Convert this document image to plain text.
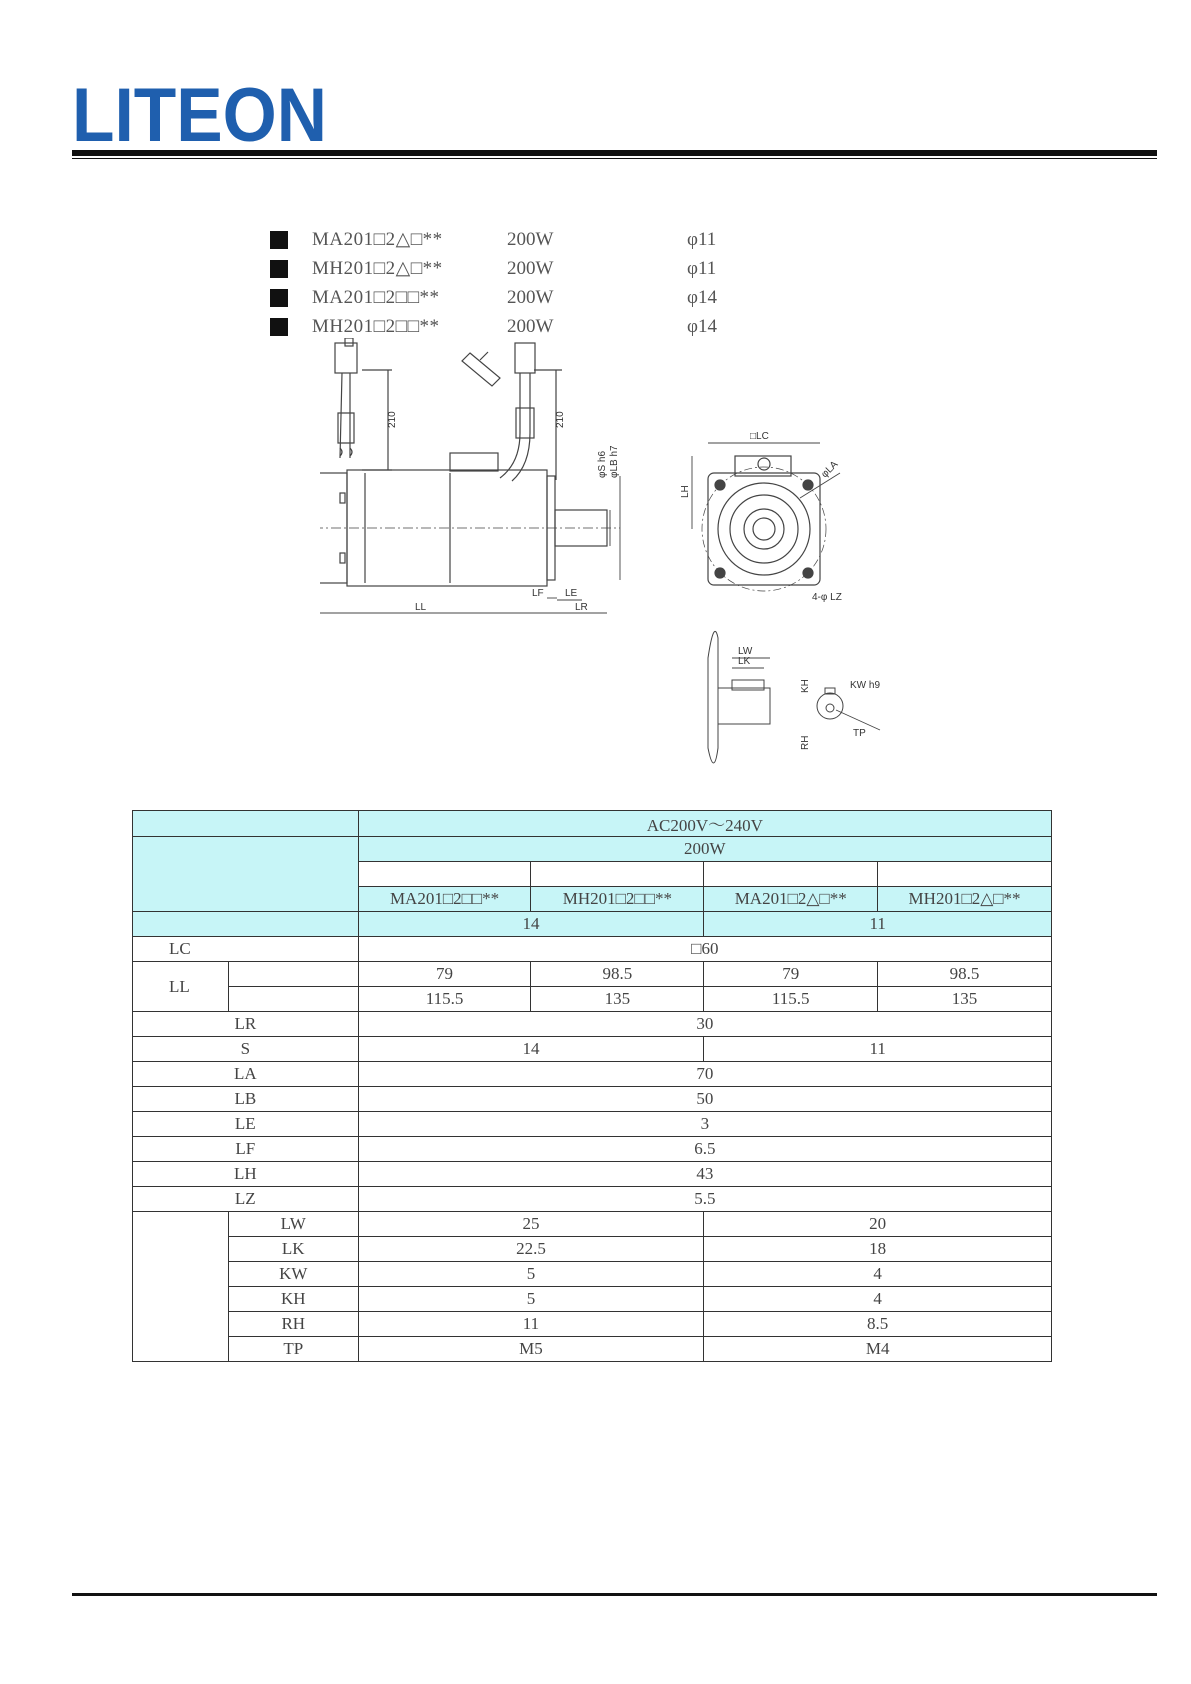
LITEON
MA201□2△□**	200W	φ11
MH201□2△□**	200W	φ11
MA201□2□□**	200W	φ14
MH201□2□□**	200W	φ14
210	210
φS h6 φLB h7
LF LE
LL	LR
□LC
LH
φLA
4-φ LZ
LW
LK
KH	KW h9
RH
TP
		AC200V～240V			
		200W			

		MA201□2□□**	MH201□2□□**	MA201□2△□**	MH201□2△□**
		14		11	
LC		□60			
LL		79	98.5	79	98.5
		115.5	135	115.5	135
LR		30			
S		14		11	
LA		70			
LB		50			
LE		3			
LF		6.5			
LH		43			
LZ		5.5			
	LW	25		20	
	LK	22.5		18	
	KW	5		4	
	KH	5		4	
	RH	11		8.5	
	TP	M5		M4	
